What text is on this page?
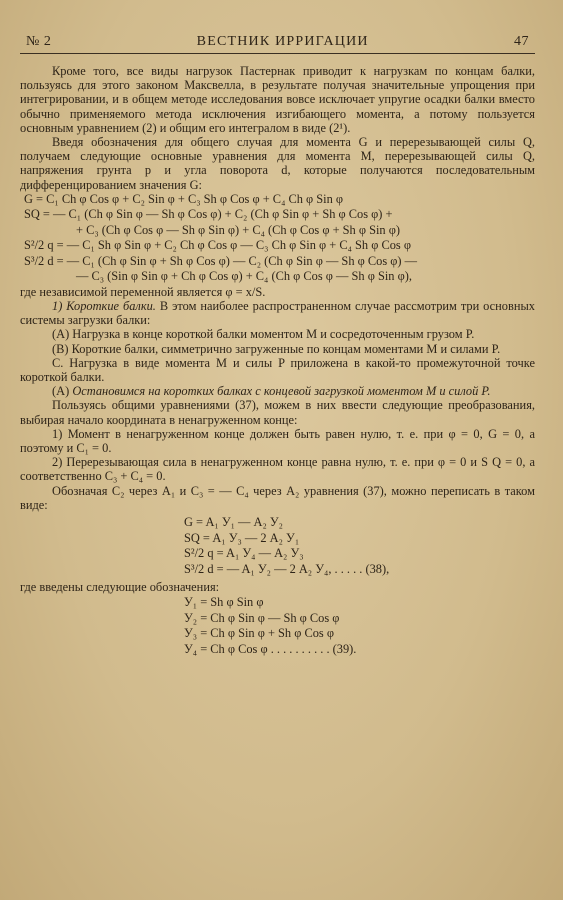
№ 2	ВЕСТНИК ИРРИГАЦИИ	47

Кроме того, все виды нагрузок Пастернак приводит к нагрузкам по концам балки, пользуясь для этого законом Максвелла, в результате получая значительные упрощения при интегрировании, и в общем методе исследования вовсе исключает упругие осадки балки вместо обычно применяемого метода исключения изгибающего момента, а потому пользуется основным уравнением (2) и общим его интегралом в виде (2¹).

Введя обозначения для общего случая для момента G и перерезывающей силы Q, получаем следующие основные уравнения для момента M, перерезывающей силы Q, напряжения грунта p и угла поворота d, которые получаются последовательным дифференцированием значения G:

G = C₁ Ch φ Cos φ + C₂ Sin φ + C₃ Sh φ Cos φ + C₄ Ch φ Sin φ
SQ = — C₁ (Ch φ Sin φ — Sh φ Cos φ) + C₂ (Ch φ Sin φ + Sh φ Cos φ) +
+ C₃ (Ch φ Cos φ — Sh φ Sin φ) + C₄ (Ch φ Cos φ + Sh φ Sin φ)
S²/2 q = — C₁ Sh φ Sin φ + C₂ Ch φ Cos φ — C₃ Ch φ Sin φ + C₄ Sh φ Cos φ
S³/2 d = — C₁ (Ch φ Sin φ + Sh φ Cos φ) — C₂ (Ch φ Sin φ — Sh φ Cos φ) —
— C₃ (Sin φ Sin φ + Ch φ Cos φ) + C₄ (Ch φ Cos φ — Sh φ Sin φ),

где независимой переменной является φ = x/S.

1) Короткие балки. В этом наиболее распространенном случае рассмотрим три основных системы загрузки балки:

(A) Нагрузка в конце короткой балки моментом M и сосредоточенным грузом P.

(B) Короткие балки, симметрично загруженные по концам моментами M и силами P.

C. Нагрузка в виде момента M и силы P приложена в какой-то промежуточной точке короткой балки.

(A) Остановимся на коротких балках с концевой загрузкой моментом M и силой P.

Пользуясь общими уравнениями (37), можем в них ввести следующие преобразования, выбирая начало координата в ненагруженном конце:

1) Момент в ненагруженном конце должен быть равен нулю, т. е. при φ = 0, G = 0, а поэтому и C₁ = 0.

2) Перерезывающая сила в ненагруженном конце равна нулю, т. е. при φ = 0 и S Q = 0, а соответственно C₃ + C₄ = 0.

Обозначая C₂ через A₁ и C₃ = — C₄ через A₂ уравнения (37), можно переписать в таком виде:

G = A₁ У₁ — A₂ У₂
SQ = A₁ У₃ — 2 A₂ У₁
S²/2 q = A₁ У₄ — A₂ У₃
S³/2 d = — A₁ У₂ — 2 A₂ У₄, . . . . . (38),

где введены следующие обозначения:

У₁ = Sh φ Sin φ
У₂ = Ch φ Sin φ — Sh φ Cos φ
У₃ = Ch φ Sin φ + Sh φ Cos φ
У₄ = Ch φ Cos φ . . . . . . . . . . (39).
